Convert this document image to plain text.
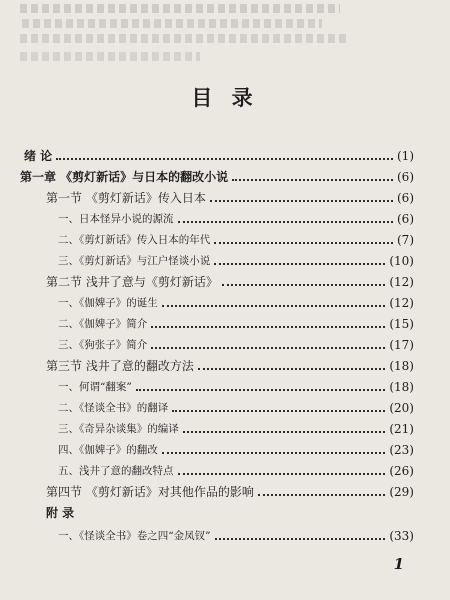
目 录
绪 论	(1)
第一章 《剪灯新话》与日本的翻改小说	(6)
第一节 《剪灯新话》传入日本	(6)
一、日本怪异小说的源流	(6)
二、《剪灯新话》传入日本的年代	(7)
三、《剪灯新话》与江户怪谈小说	(10)
第二节 浅井了意与《剪灯新话》	(12)
一、《伽婢子》的诞生	(12)
二、《伽婢子》简介	(15)
三、《狗张子》简介	(17)
第三节 浅井了意的翻改方法	(18)
一、何谓“翻案”	(18)
二、《怪谈全书》的翻译	(20)
三、《奇异杂谈集》的编译	(21)
四、《伽婢子》的翻改	(23)
五、浅井了意的翻改特点	(26)
第四节 《剪灯新话》对其他作品的影响	(29)
附 录
一、《怪谈全书》卷之四“金凤钗”	(33)
1
